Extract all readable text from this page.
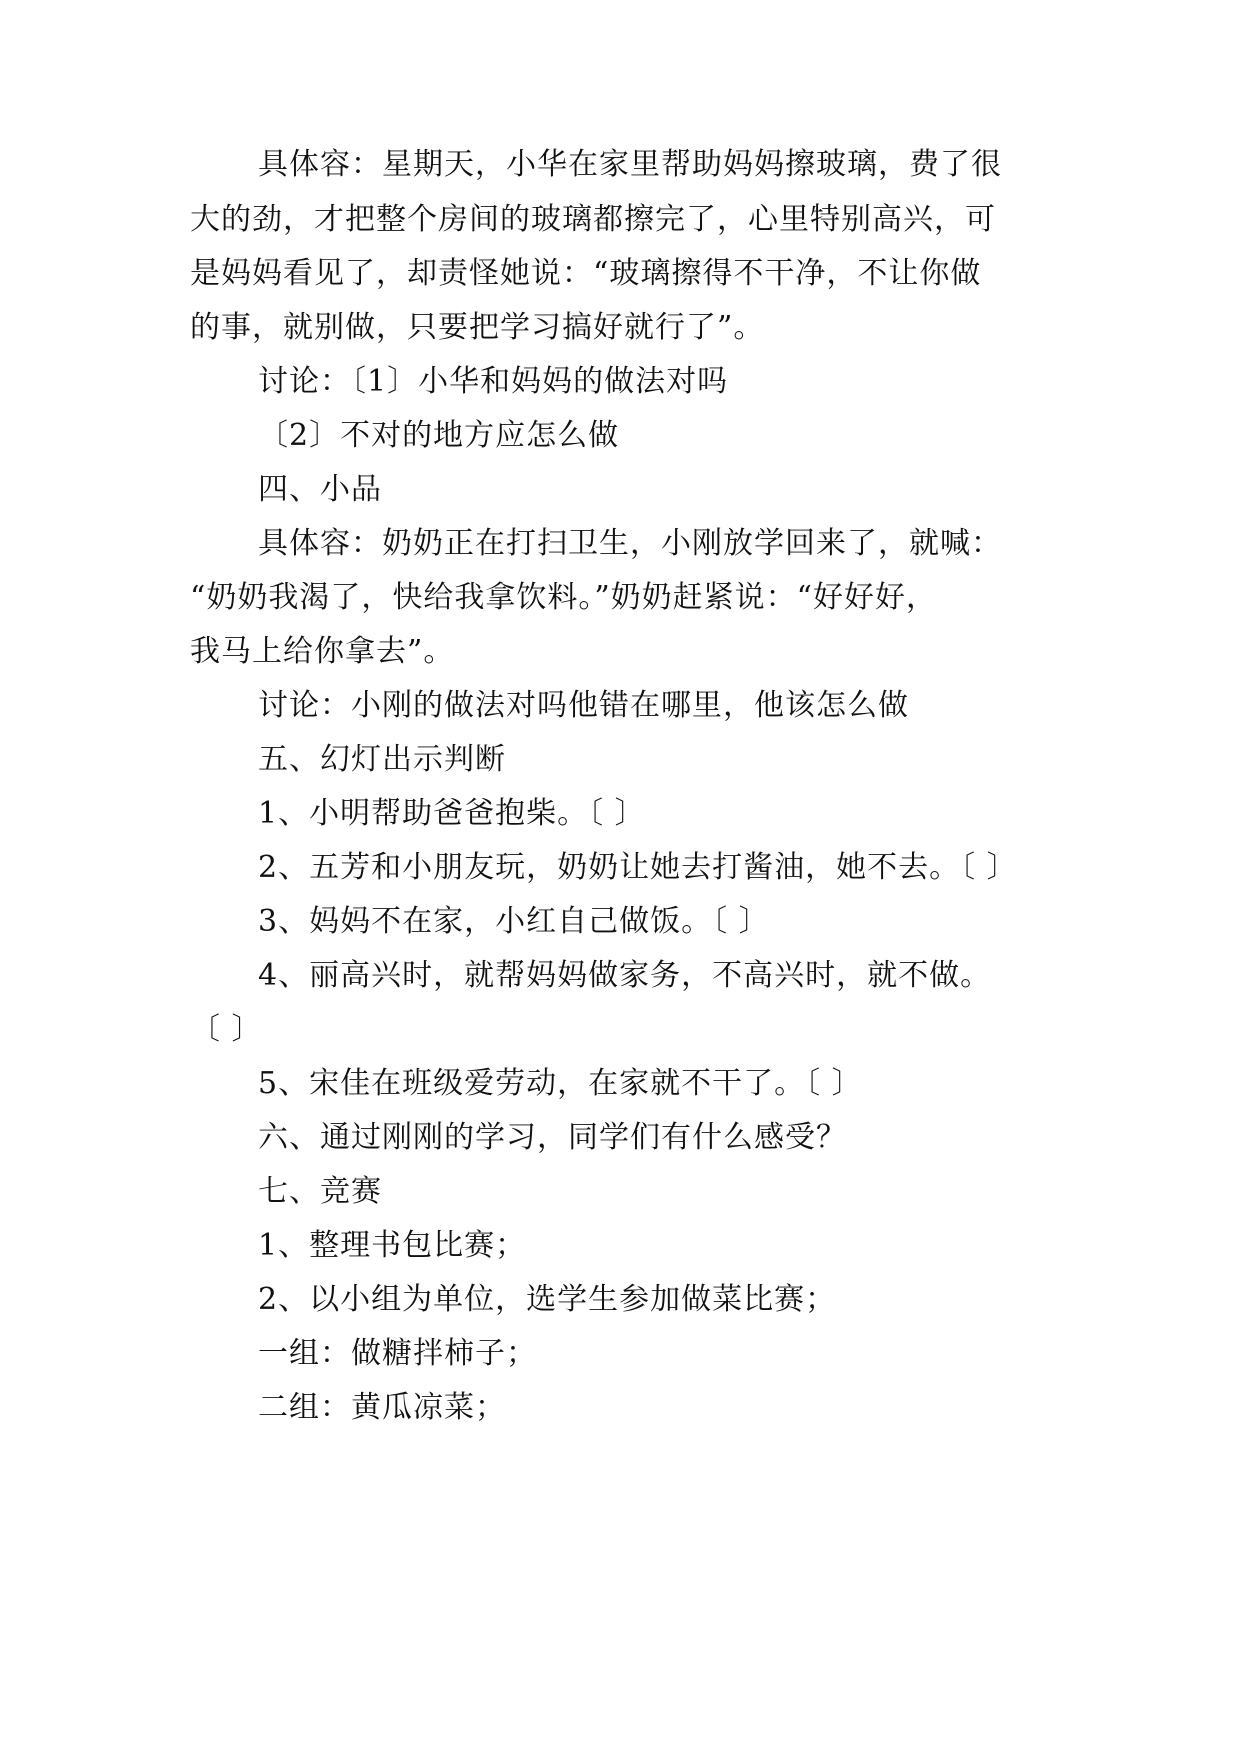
具体容：星期天，小华在家里帮助妈妈擦玻璃，费了很
大的劲，才把整个房间的玻璃都擦完了，心里特别高兴，可
是妈妈看见了，却责怪她说：“玻璃擦得不干净，不让你做
的事，就别做，只要把学习搞好就行了”。
讨论：〔1〕小华和妈妈的做法对吗
〔2〕不对的地方应怎么做
四、小品
具体容：奶奶正在打扫卫生，小刚放学回来了，就喊：
“奶奶我渴了，快给我拿饮料。”奶奶赶紧说：“好好好，
我马上给你拿去”。
讨论：小刚的做法对吗他错在哪里，他该怎么做
五、幻灯出示判断
1、小明帮助爸爸抱柴。〔 〕
2、五芳和小朋友玩，奶奶让她去打酱油，她不去。〔 〕
3、妈妈不在家，小红自己做饭。〔 〕
4、丽高兴时，就帮妈妈做家务，不高兴时，就不做。
〔 〕
5、宋佳在班级爱劳动，在家就不干了。〔 〕
六、通过刚刚的学习，同学们有什么感受？
七、竞赛
1、整理书包比赛；
2、以小组为单位，选学生参加做菜比赛；
一组：做糖拌柿子；
二组：黄瓜凉菜；
